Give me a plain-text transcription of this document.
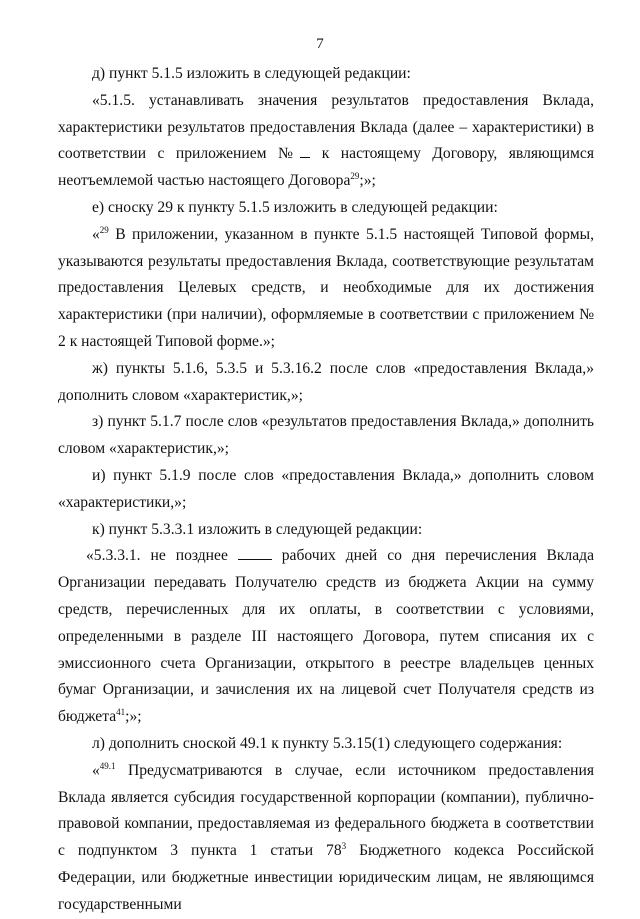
7

д) пункт 5.1.5 изложить в следующей редакции:

«5.1.5. устанавливать значения результатов предоставления Вклада, характеристики результатов предоставления Вклада (далее – характеристики) в соответствии с приложением № к настоящему Договору, являющимся неотъемлемой частью настоящего Договора$^{29}$;»;

е) сноску 29 к пункту 5.1.5 изложить в следующей редакции:

«$^{29}$ В приложении, указанном в пункте 5.1.5 настоящей Типовой формы, указываются результаты предоставления Вклада, соответствующие результатам предоставления Целевых средств, и необходимые для их достижения характеристики (при наличии), оформляемые в соответствии с приложением № 2 к настоящей Типовой форме.»;

ж) пункты 5.1.6, 5.3.5 и 5.3.16.2 после слов «предоставления Вклада,» дополнить словом «характеристик,»;

з) пункт 5.1.7 после слов «результатов предоставления Вклада,» дополнить словом «характеристик,»;

и) пункт 5.1.9 после слов «предоставления Вклада,» дополнить словом «характеристики,»;

к) пункт 5.3.3.1 изложить в следующей редакции:

«5.3.3.1. не позднее  рабочих дней со дня перечисления Вклада Организации передавать Получателю средств из бюджета Акции на сумму средств, перечисленных для их оплаты, в соответствии с условиями, определенными в разделе III настоящего Договора, путем списания их с эмиссионного счета Организации, открытого в реестре владельцев ценных бумаг Организации, и зачисления их на лицевой счет Получателя средств из бюджета$^{41}$;»;

л) дополнить сноской 49.1 к пункту 5.3.15(1) следующего содержания:

«$^{49.1}$ Предусматриваются в случае, если источником предоставления Вклада является субсидия государственной корпорации (компании), публично-правовой компании, предоставляемая из федерального бюджета в соответствии с подпунктом 3 пункта 1 статьи $78^3$ Бюджетного кодекса Российской Федерации, или бюджетные инвестиции юридическим лицам, не являющимся государственными
